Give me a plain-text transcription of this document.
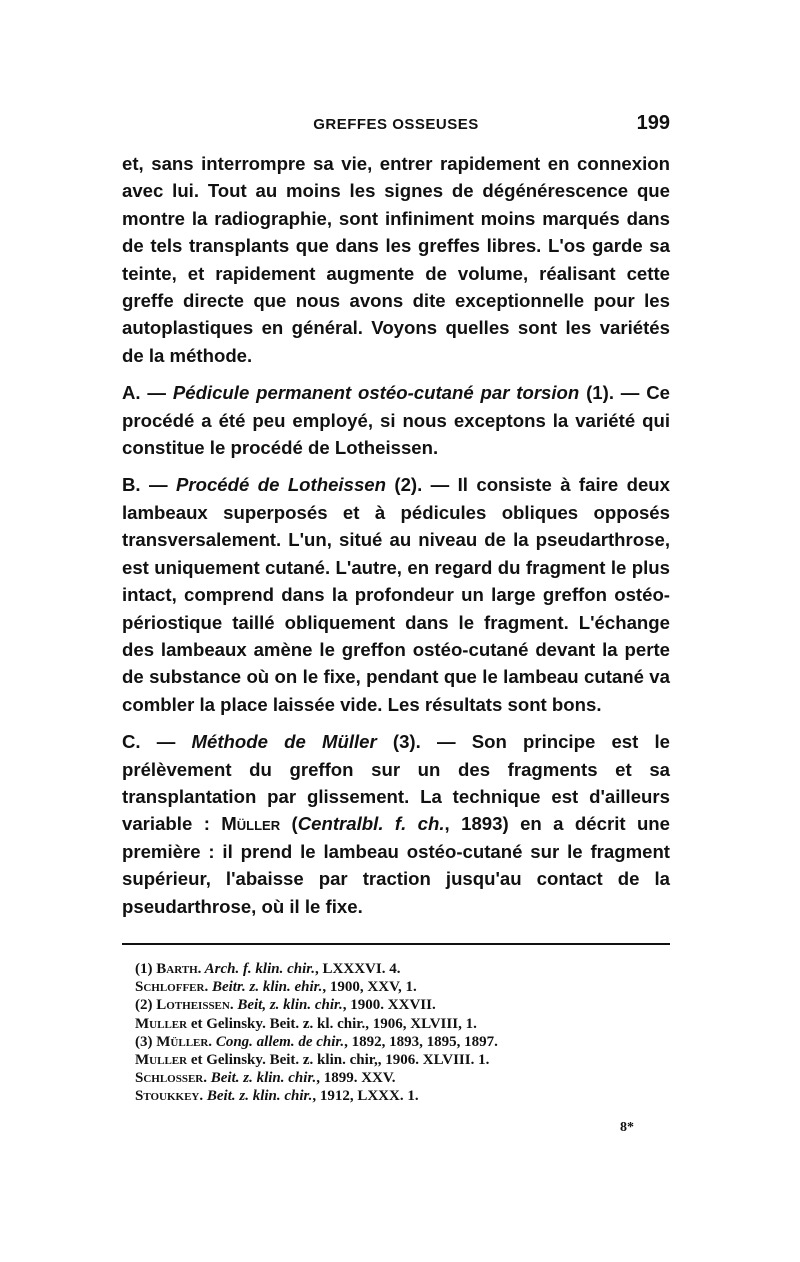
GREFFES OSSEUSES	199

et, sans interrompre sa vie, entrer rapidement en connexion avec lui. Tout au moins les signes de dégénérescence que montre la radiographie, sont infiniment moins marqués dans de tels transplants que dans les greffes libres. L'os garde sa teinte, et rapidement augmente de volume, réalisant cette greffe directe que nous avons dite exceptionnelle pour les autoplastiques en général. Voyons quelles sont les variétés de la méthode.

A. — Pédicule permanent ostéo-cutané par torsion (1). — Ce procédé a été peu employé, si nous exceptons la variété qui constitue le procédé de Lotheissen.

B. — Procédé de Lotheissen (2). — Il consiste à faire deux lambeaux superposés et à pédicules obliques opposés transversalement. L'un, situé au niveau de la pseudarthrose, est uniquement cutané. L'autre, en regard du fragment le plus intact, comprend dans la profondeur un large greffon ostéo-périostique taillé obliquement dans le fragment. L'échange des lambeaux amène le greffon ostéo-cutané devant la perte de substance où on le fixe, pendant que le lambeau cutané va combler la place laissée vide. Les résultats sont bons.

C. — Méthode de Müller (3). — Son principe est le prélèvement du greffon sur un des fragments et sa transplantation par glissement. La technique est d'ailleurs variable : Müller (Centralbl. f. ch., 1893) en a décrit une première : il prend le lambeau ostéo-cutané sur le fragment supérieur, l'abaisse par traction jusqu'au contact de la pseudarthrose, où il le fixe.

(1) Barth. Arch. f. klin. chir., LXXXVI. 4.
Schloffer. Beitr. z. klin. ehir., 1900, XXV, 1.
(2) Lotheissen. Beit, z. klin. chir., 1900. XXVII.
Muller et Gelinsky. Beit. z. kl. chir., 1906, XLVIII, 1.
(3) Müller. Cong. allem. de chir., 1892, 1893, 1895, 1897.
Muller et Gelinsky. Beit. z. klin. chir,, 1906. XLVIII. 1.
Schlosser. Beit. z. klin. chir., 1899. XXV.
Stoukkey. Beit. z. klin. chir., 1912, LXXX. 1.
8*
